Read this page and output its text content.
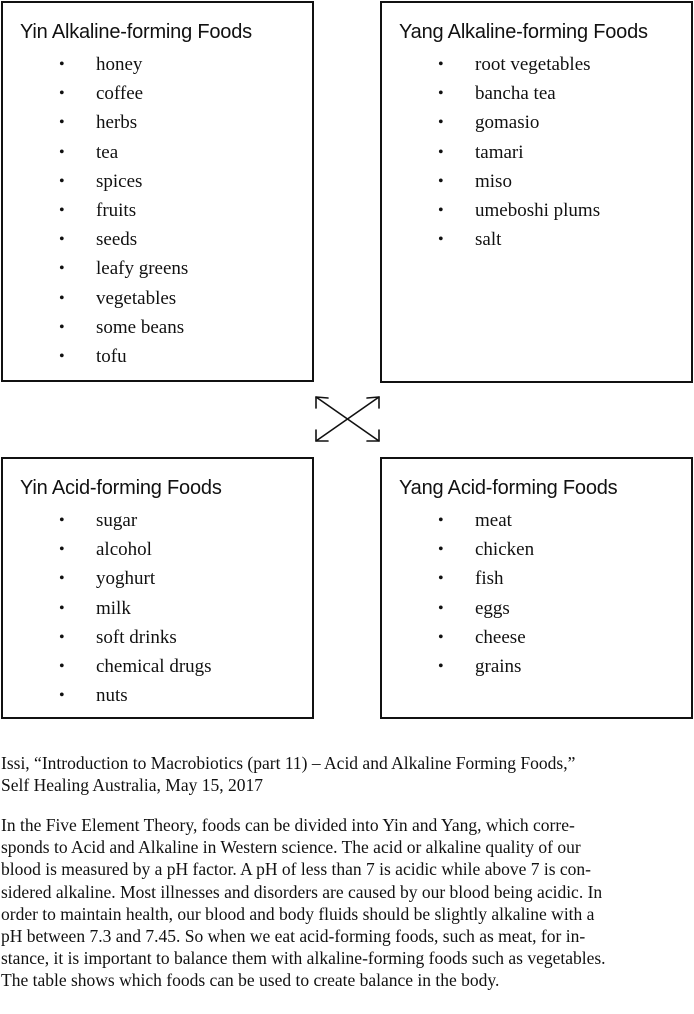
Yin Alkaline-forming Foods
• honey
• coffee
• herbs
• tea
• spices
• fruits
• seeds
• leafy greens
• vegetables
• some beans
• tofu
Yang Alkaline-forming Foods
• root vegetables
• bancha tea
• gomasio
• tamari
• miso
• umeboshi plums
• salt
Yin Acid-forming Foods
• sugar
• alcohol
• yoghurt
• milk
• soft drinks
• chemical drugs
• nuts
Yang Acid-forming Foods
• meat
• chicken
• fish
• eggs
• cheese
• grains
Issi, “Introduction to Macrobiotics (part 11) – Acid and Alkaline Forming Foods,”
Self Healing Australia, May 15, 2017
In the Five Element Theory, foods can be divided into Yin and Yang, which corre-
sponds to Acid and Alkaline in Western science. The acid or alkaline quality of our
blood is measured by a pH factor. A pH of less than 7 is acidic while above 7 is con-
sidered alkaline. Most illnesses and disorders are caused by our blood being acidic. In
order to maintain health, our blood and body fluids should be slightly alkaline with a
pH between 7.3 and 7.45. So when we eat acid-forming foods, such as meat, for in-
stance, it is important to balance them with alkaline-forming foods such as vegetables.
The table shows which foods can be used to create balance in the body.
